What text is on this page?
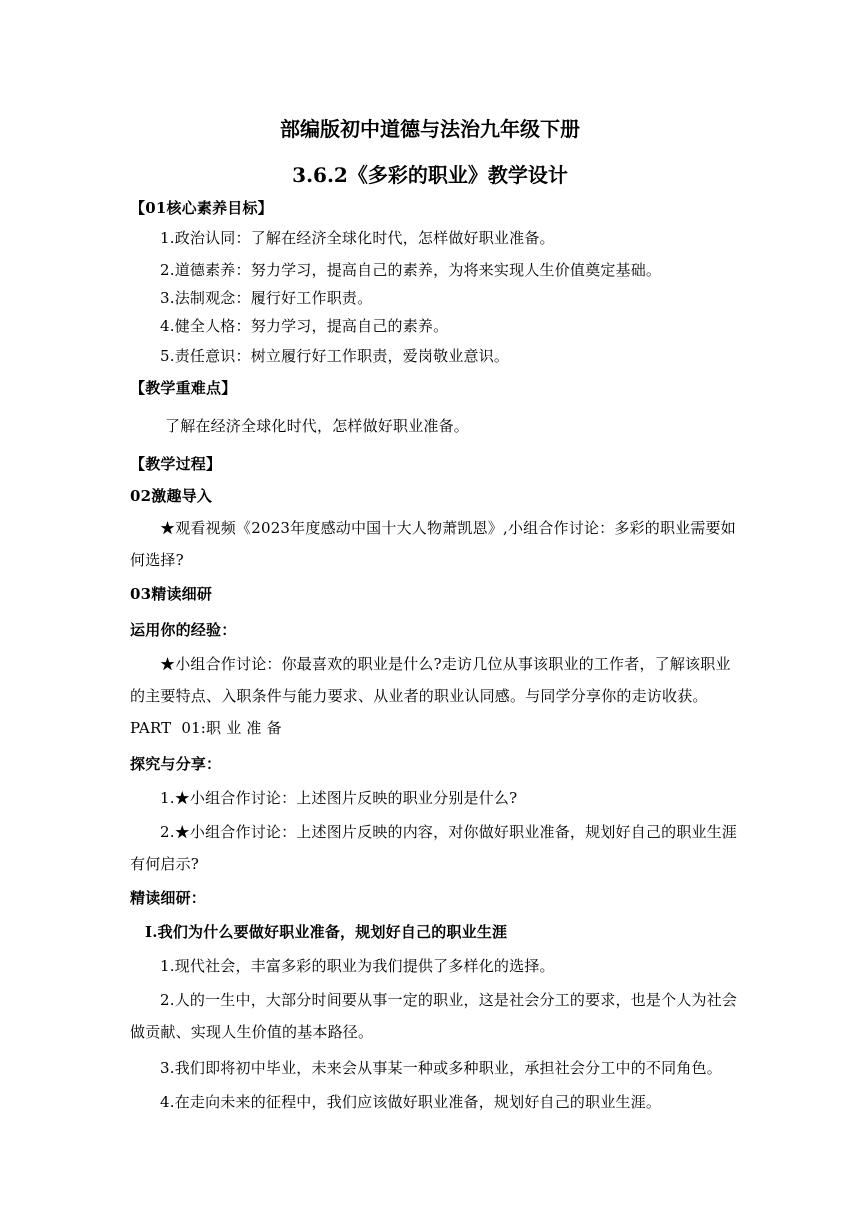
部编版初中道德与法治九年级下册
3.6.2《多彩的职业》教学设计
【01核心素养目标】
1.政治认同：了解在经济全球化时代，怎样做好职业准备。
2.道德素养：努力学习，提高自己的素养，为将来实现人生价值奠定基础。
3.法制观念：履行好工作职责。
4.健全人格：努力学习，提高自己的素养。
5.责任意识：树立履行好工作职责，爱岗敬业意识。
【教学重难点】
了解在经济全球化时代，怎样做好职业准备。
【教学过程】
02激趣导入
★观看视频《2023年度感动中国十大人物萧凯恩》,小组合作讨论：多彩的职业需要如
何选择?
03精读细研
运用你的经验：
★小组合作讨论：你最喜欢的职业是什么?走访几位从事该职业的工作者，了解该职业
的主要特点、入职条件与能力要求、从业者的职业认同感。与同学分享你的走访收获。
PART  01:职 业 准 备
探究与分享：
1.★小组合作讨论：上述图片反映的职业分别是什么?
2.★小组合作讨论：上述图片反映的内容，对你做好职业准备，规划好自己的职业生涯
有何启示?
精读细研：
I.我们为什么要做好职业准备，规划好自己的职业生涯
1.现代社会，丰富多彩的职业为我们提供了多样化的选择。
2.人的一生中，大部分时间要从事一定的职业，这是社会分工的要求，也是个人为社会
做贡献、实现人生价值的基本路径。
3.我们即将初中毕业，未来会从事某一种或多种职业，承担社会分工中的不同角色。
4.在走向未来的征程中，我们应该做好职业准备，规划好自己的职业生涯。
